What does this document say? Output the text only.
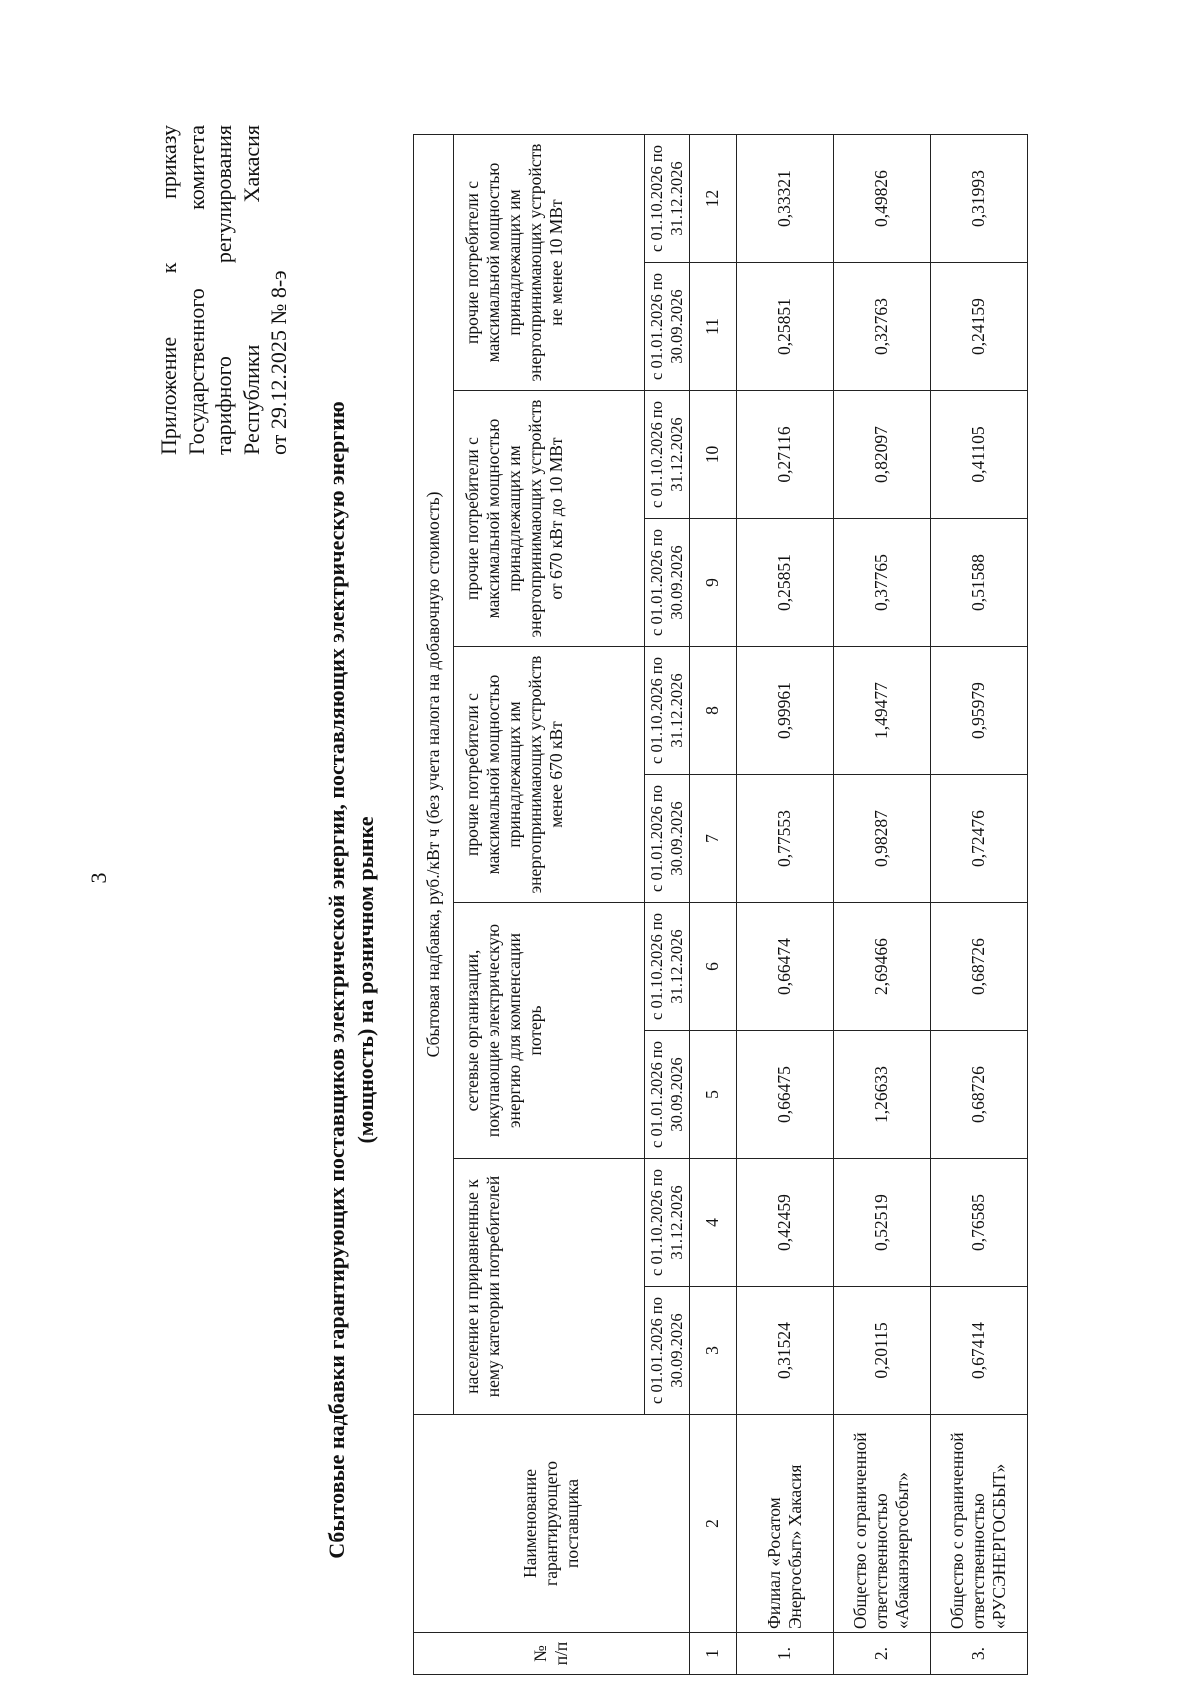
3
Приложение
к
приказу
Государственного
комитета
тарифного
регулирования
Республики
Хакасия
от 29.12.2025 № 8-э
Сбытовые надбавки гарантирующих поставщиков электрической энергии, поставляющих электрическую энергию (мощность) на розничном рынке
№ п/п	Наименование гарантирующего поставщика	Сбытовая надбавка, руб./кВт ч (без учета налога на добавочную стоимость)									
		население и приравненные к нему категории потребителей		сетевые организации, покупающие электрическую энергию для компенсации потерь		прочие потребители с максимальной мощностью принадлежащих им энергопринимающих устройств менее 670 кВт		прочие потребители с максимальной мощностью принадлежащих им энергопринимающих устройств от 670 кВт до 10 МВт		прочие потребители с максимальной мощностью принадлежащих им энергопринимающих устройств не менее 10 МВт	
		с 01.01.2026 по 30.09.2026	с 01.10.2026 по 31.12.2026	с 01.01.2026 по 30.09.2026	с 01.10.2026 по 31.12.2026	с 01.01.2026 по 30.09.2026	с 01.10.2026 по 31.12.2026	с 01.01.2026 по 30.09.2026	с 01.10.2026 по 31.12.2026	с 01.01.2026 по 30.09.2026	с 01.10.2026 по 31.12.2026
1	2	3	4	5	6	7	8	9	10	11	12
1.	Филиал «Росатом Энергосбыт» Хакасия	0,31524	0,42459	0,66475	0,66474	0,77553	0,99961	0,25851	0,27116	0,25851	0,33321
2.	Общество с ограниченной ответственностью «Абаканэнергосбыт»	0,20115	0,52519	1,26633	2,69466	0,98287	1,49477	0,37765	0,82097	0,32763	0,49826
3.	Общество с ограниченной ответственностью «РУСЭНЕРГОСБЫТ»	0,67414	0,76585	0,68726	0,68726	0,72476	0,95979	0,51588	0,41105	0,24159	0,31993
